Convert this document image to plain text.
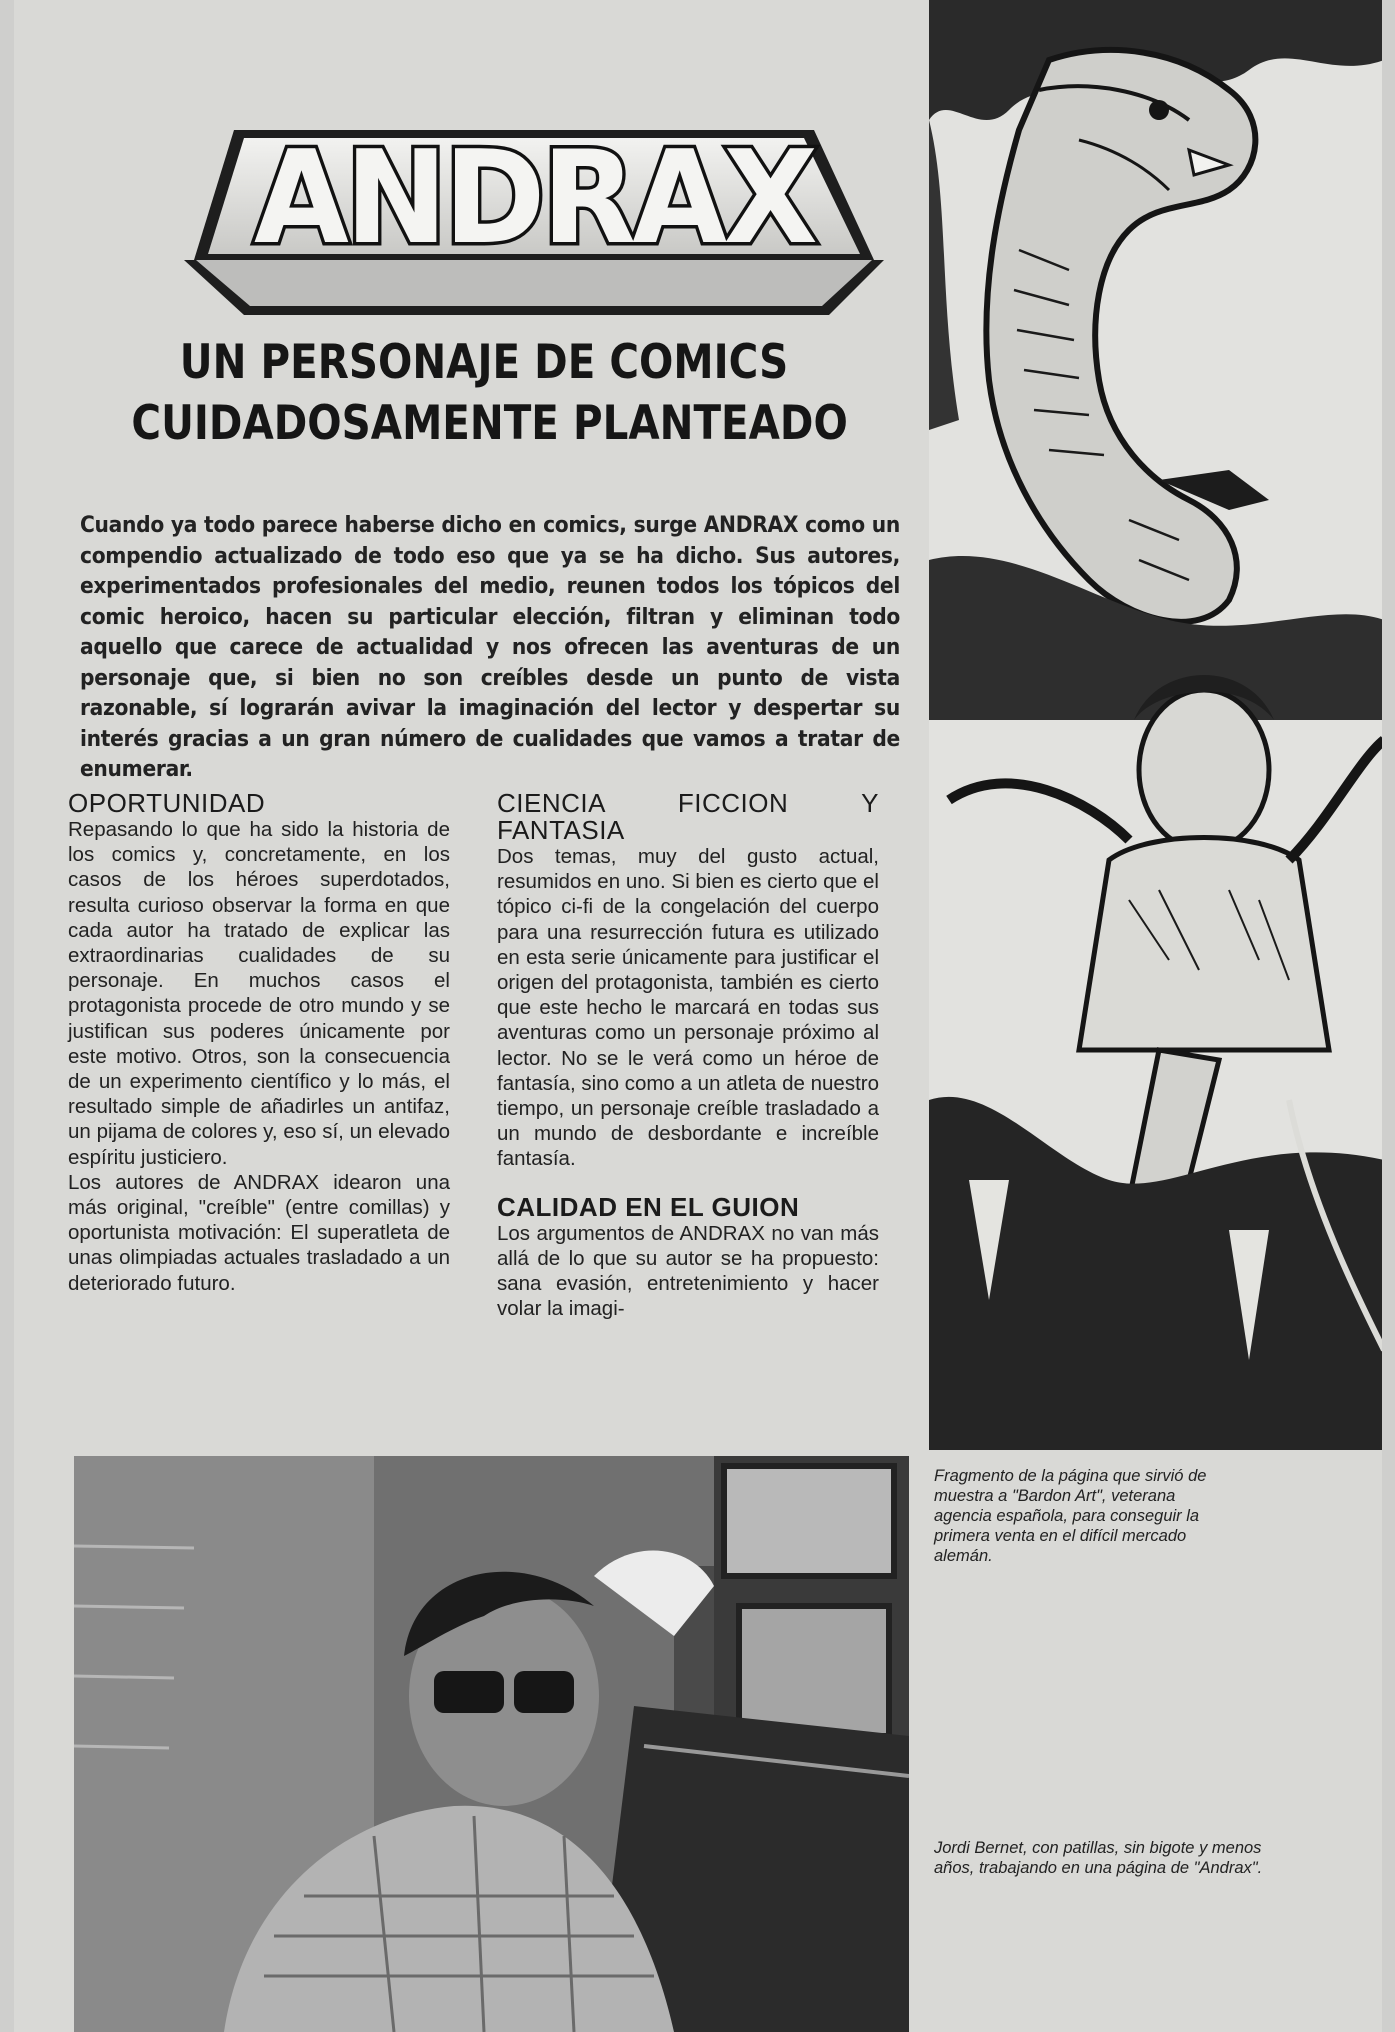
ANDRAX
UN PERSONAJE DE COMICS
CUIDADOSAMENTE PLANTEADO
Cuando ya todo parece haberse dicho en comics, surge ANDRAX como un compendio actualizado de todo eso que ya se ha dicho. Sus autores, experimentados profesionales del medio, reunen todos los tópicos del comic heroico, hacen su particular elección, filtran y eliminan todo aquello que carece de actualidad y nos ofrecen las aventuras de un personaje que, si bien no son creíbles desde un punto de vista razonable, sí lograrán avivar la imaginación del lector y despertar su interés gracias a un gran número de cualidades que vamos a tratar de enumerar.
OPORTUNIDAD

Repasando lo que ha sido la historia de los comics y, concretamente, en los casos de los héroes superdotados, resulta curioso observar la forma en que cada autor ha tratado de explicar las extraordinarias cualidades de su personaje. En muchos casos el protagonista procede de otro mundo y se justifican sus poderes únicamente por este motivo. Otros, son la consecuencia de un experimento científico y lo más, el resultado simple de añadirles un antifaz, un pijama de colores y, eso sí, un elevado espíritu justiciero.

Los autores de ANDRAX idearon una más original, "creíble" (entre comillas) y oportunista motivación: El superatleta de unas olimpiadas actuales trasladado a un deteriorado futuro.

CIENCIA FICCION Y FANTASIA

Dos temas, muy del gusto actual, resumidos en uno. Si bien es cierto que el tópico ci-fi de la congelación del cuerpo para una resurrección futura es utilizado en esta serie únicamente para justificar el origen del protagonista, también es cierto que este hecho le marcará en todas sus aventuras como un personaje próximo al lector. No se le verá como un héroe de fantasía, sino como a un atleta de nuestro tiempo, un personaje creíble trasladado a un mundo de desbordante e increíble fantasía.

CALIDAD EN EL GUION

Los argumentos de ANDRAX no van más allá de lo que su autor se ha propuesto: sana evasión, entretenimiento y hacer volar la imagi-

Fragmento de la página que sirvió de muestra a "Bardon Art", veterana agencia española, para conseguir la primera venta en el difícil mercado alemán.
Jordi Bernet, con patillas, sin bigote y menos años, trabajando en una página de "Andrax".
